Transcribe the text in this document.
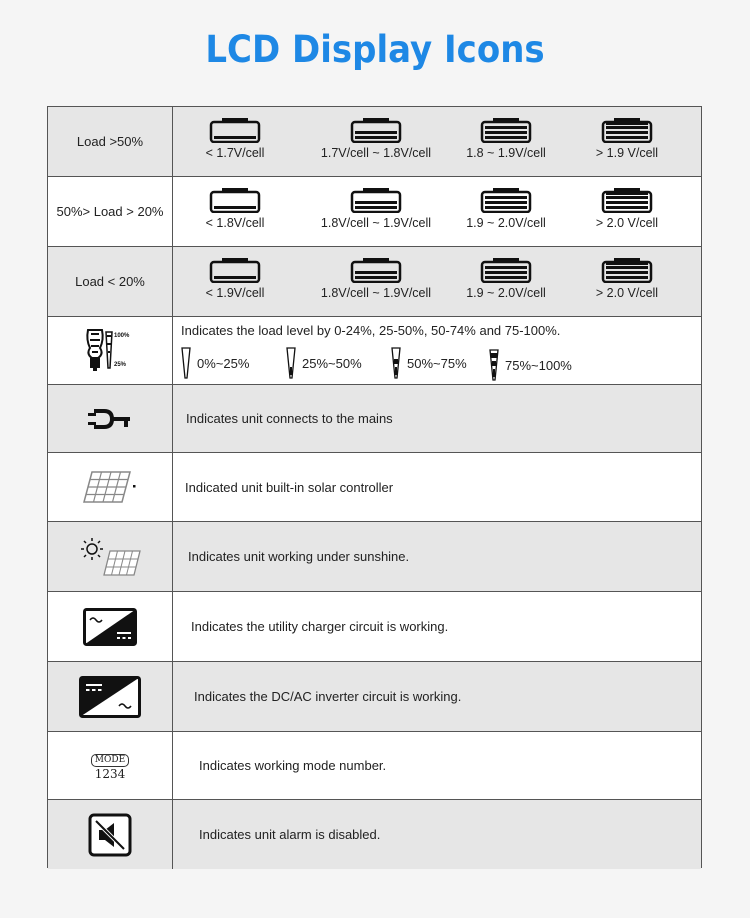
LCD Display Icons
Load >50%
< 1.7V/cell	1.7V/cell ~ 1.8V/cell	1.8 ~ 1.9V/cell	> 1.9 V/cell
50%> Load > 20%
< 1.8V/cell	1.8V/cell ~ 1.9V/cell	1.9 ~ 2.0V/cell	> 2.0 V/cell
Load < 20%
< 1.9V/cell	1.8V/cell ~ 1.9V/cell	1.9 ~ 2.0V/cell	> 2.0 V/cell
100%
25%
Indicates the load level by 0-24%, 25-50%, 50-74% and 75-100%.
0%~25%	25%~50%	50%~75%	75%~100%
Indicates unit connects to the mains
Indicated unit built-in solar controller
Indicates unit working under sunshine.
Indicates the utility charger circuit is working.
Indicates the DC/AC inverter circuit is working.
MODE
1234
Indicates working mode number.
Indicates unit alarm is disabled.
